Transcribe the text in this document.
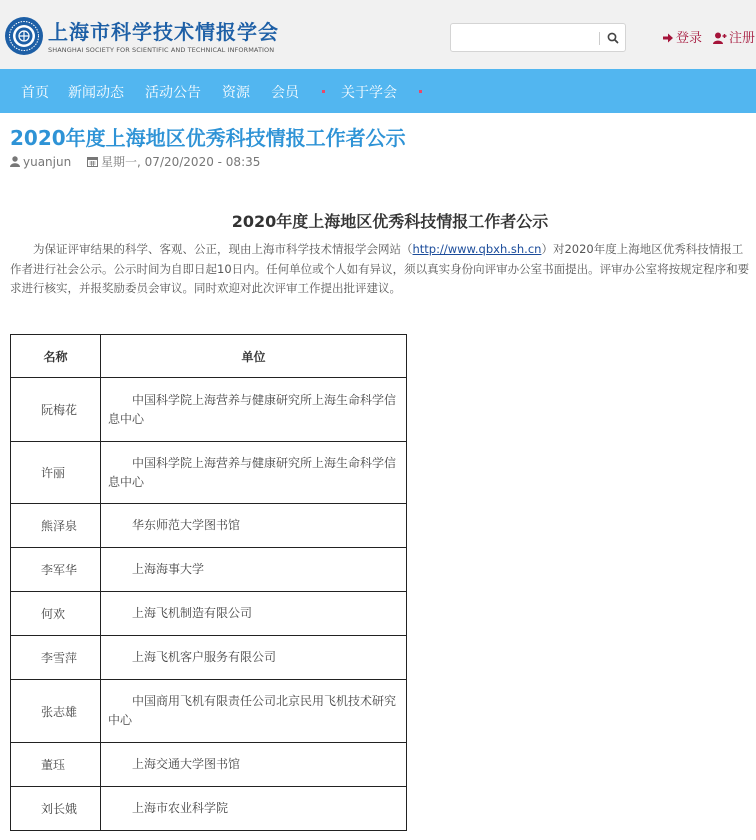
上海市科学技术情报学会
SHANGHAI SOCIETY FOR SCIENTIFIC AND TECHNICAL INFORMATION
登录	注册
首页 新闻动态 活动公告 资源 会员	关于学会
2020年度上海地区优秀科技情报工作者公示
yuanjun 星期一, 07/20/2020 - 08:35
2020年度上海地区优秀科技情报工作者公示

为保证评审结果的科学、客观、公正，现由上海市科学技术情报学会网站（http://www.qbxh.sh.cn）对2020年度上海地区优秀科技情报工作者进行社会公示。公示时间为自即日起10日内。任何单位或个人如有异议，须以真实身份向评审办公室书面提出。评审办公室将按规定程序和要求进行核实，并报奖励委员会审议。同时欢迎对此次评审工作提出批评建议。

名称	单位
阮梅花	中国科学院上海营养与健康研究所上海生命科学信息中心
许丽	中国科学院上海营养与健康研究所上海生命科学信息中心
熊泽泉	华东师范大学图书馆
李军华	上海海事大学
何欢	上海飞机制造有限公司
李雪萍	上海飞机客户服务有限公司
张志雄	中国商用飞机有限责任公司北京民用飞机技术研究中心
董珏	上海交通大学图书馆
刘长娥	上海市农业科学院
